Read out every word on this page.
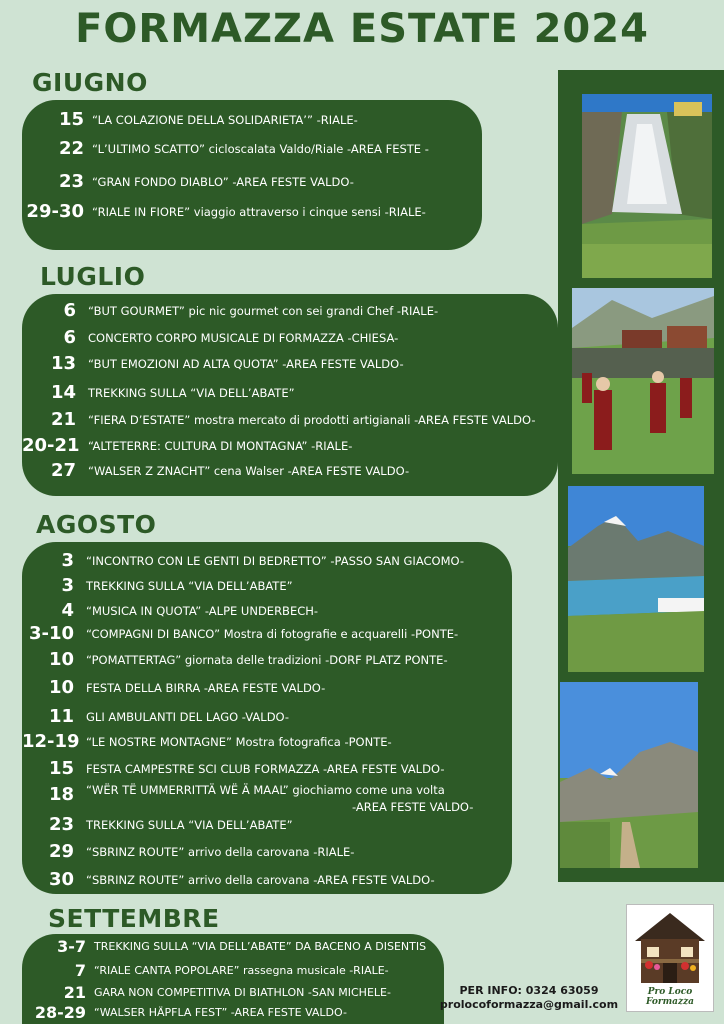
FORMAZZA ESTATE 2024
GIUGNO
15 “LA COLAZIONE DELLA SOLIDARIETA’” -RIALE-
22 “L’ULTIMO SCATTO” cicloscalata Valdo/Riale -AREA FESTE -
23 “GRAN FONDO DIABLO” -AREA FESTE VALDO-
29-30 “RIALE IN FIORE” viaggio attraverso i cinque sensi -RIALE-
LUGLIO
6 “BUT GOURMET” pic nic gourmet con sei grandi Chef -RIALE-
6 CONCERTO CORPO MUSICALE DI FORMAZZA -CHIESA-
13 “BUT EMOZIONI AD ALTA QUOTA” -AREA FESTE VALDO-
14 TREKKING SULLA “VIA DELL’ABATE”
21 “FIERA D’ESTATE” mostra mercato di prodotti artigianali -AREA FESTE VALDO-
20-21 “ALTETERRE: CULTURA DI MONTAGNA” -RIALE-
27 “WALSER Z ZNACHT” cena Walser -AREA FESTE VALDO-
AGOSTO
3 “INCONTRO CON LE GENTI DI BEDRETTO” -PASSO SAN GIACOMO-
3 TREKKING SULLA “VIA DELL’ABATE”
4 “MUSICA IN QUOTA” -ALPE UNDERBECH-
3-10 “COMPAGNI DI BANCO” Mostra di fotografie e acquarelli -PONTE-
10 “POMATTERTAG” giornata delle tradizioni -DORF PLATZ PONTE-
10 FESTA DELLA BIRRA -AREA FESTE VALDO-
11 GLI AMBULANTI DEL LAGO -VALDO-
12-19 “LE NOSTRE MONTAGNE” Mostra fotografica -PONTE-
15 FESTA CAMPESTRE SCI CLUB FORMAZZA -AREA FESTE VALDO-
18 “WËR TË UMMERRITTÄ WË Ä MAAL” giochiamo come una volta
-AREA FESTE VALDO-
23 TREKKING SULLA “VIA DELL’ABATE”
29 “SBRINZ ROUTE” arrivo della carovana -RIALE-
30 “SBRINZ ROUTE” arrivo della carovana -AREA FESTE VALDO-
SETTEMBRE
3-7 TREKKING SULLA “VIA DELL’ABATE” DA BACENO A DISENTIS
7 “RIALE CANTA POPOLARE” rassegna musicale -RIALE-
21 GARA NON COMPETITIVA DI BIATHLON -SAN MICHELE-
28-29 “WALSER HÄPFLA FEST” -AREA FESTE VALDO-
PER INFO: 0324 63059
prolocoformazza@gmail.com
Pro Loco Formazza
